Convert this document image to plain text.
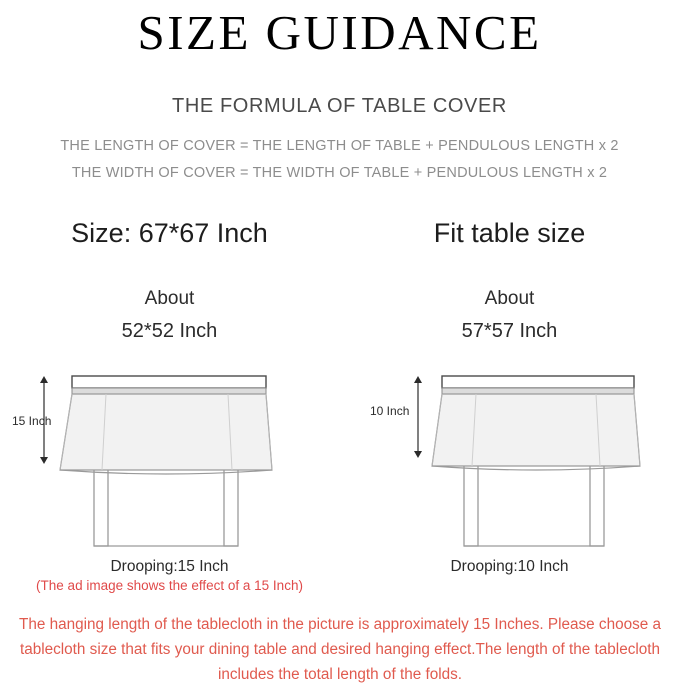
SIZE GUIDANCE
THE FORMULA OF TABLE COVER
THE LENGTH OF COVER = THE LENGTH OF TABLE + PENDULOUS LENGTH x 2
THE WIDTH OF COVER = THE WIDTH OF TABLE + PENDULOUS LENGTH x 2
Size: 67*67 Inch
About
52*52 Inch
15 Inch
Drooping:15 Inch
(The ad image shows the effect of a 15 Inch)
Fit table size
About
57*57 Inch
10 Inch
Drooping:10 Inch
The hanging length of the tablecloth in the picture is approximately 15 Inches. Please choose a tablecloth size that fits your dining table and desired hanging effect.The length of the tablecloth includes the total length of the folds.
